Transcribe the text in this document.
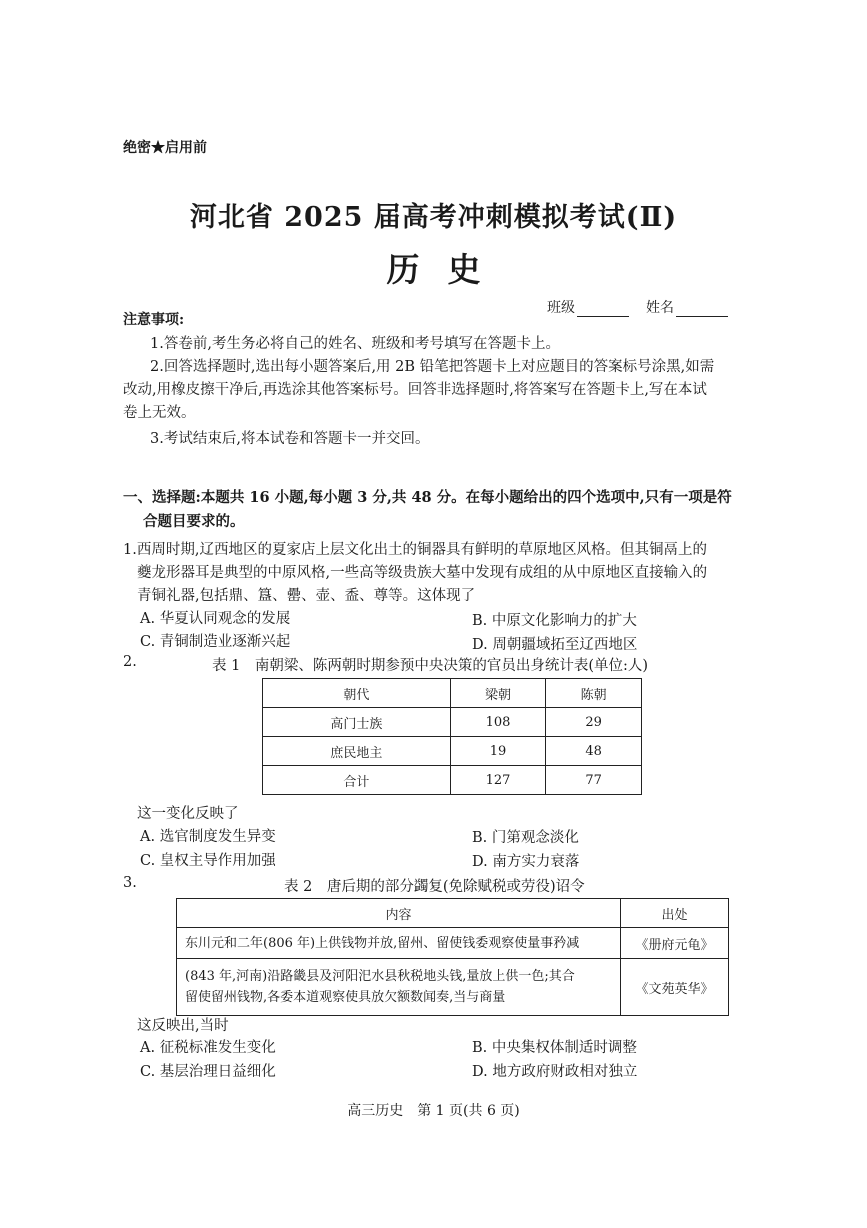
绝密★启用前
河北省 2025 届高考冲刺模拟考试(Ⅱ)
历史
班级	姓名
注意事项:
1.答卷前,考生务必将自己的姓名、班级和考号填写在答题卡上。
2.回答选择题时,选出每小题答案后,用 2B 铅笔把答题卡上对应题目的答案标号涂黑,如需
改动,用橡皮擦干净后,再选涂其他答案标号。回答非选择题时,将答案写在答题卡上,写在本试
卷上无效。
3.考试结束后,将本试卷和答题卡一并交回。
一、选择题:本题共 16 小题,每小题 3 分,共 48 分。在每小题给出的四个选项中,只有一项是符
合题目要求的。
1.西周时期,辽西地区的夏家店上层文化出土的铜器具有鲜明的草原地区风格。但其铜鬲上的
夔龙形器耳是典型的中原风格,一些高等级贵族大墓中发现有成组的从中原地区直接输入的
青铜礼器,包括鼎、簋、罍、壶、盉、尊等。这体现了
A. 华夏认同观念的发展	B. 中原文化影响力的扩大
C. 青铜制造业逐渐兴起	D. 周朝疆域拓至辽西地区
2.	表 1　南朝梁、陈两朝时期参预中央决策的官员出身统计表(单位:人)
朝代	梁朝	陈朝
高门士族	108	29
庶民地主	19	48
合计	127	77
这一变化反映了
A. 选官制度发生异变	B. 门第观念淡化
C. 皇权主导作用加强	D. 南方实力衰落
3.	表 2　唐后期的部分蠲复(免除赋税或劳役)诏令
内容	出处
东川元和二年(806 年)上供钱物并放,留州、留使钱委观察使量事矜减	《册府元龟》

(843 年,河南)沿路畿县及河阳汜水县秋税地头钱,量放上供一色;其合
留使留州钱物,各委本道观察使具放欠额数闻奏,当与商量	《文苑英华》
这反映出,当时
A. 征税标准发生变化	B. 中央集权体制适时调整
C. 基层治理日益细化	D. 地方政府财政相对独立
高三历史　第 1 页(共 6 页)
